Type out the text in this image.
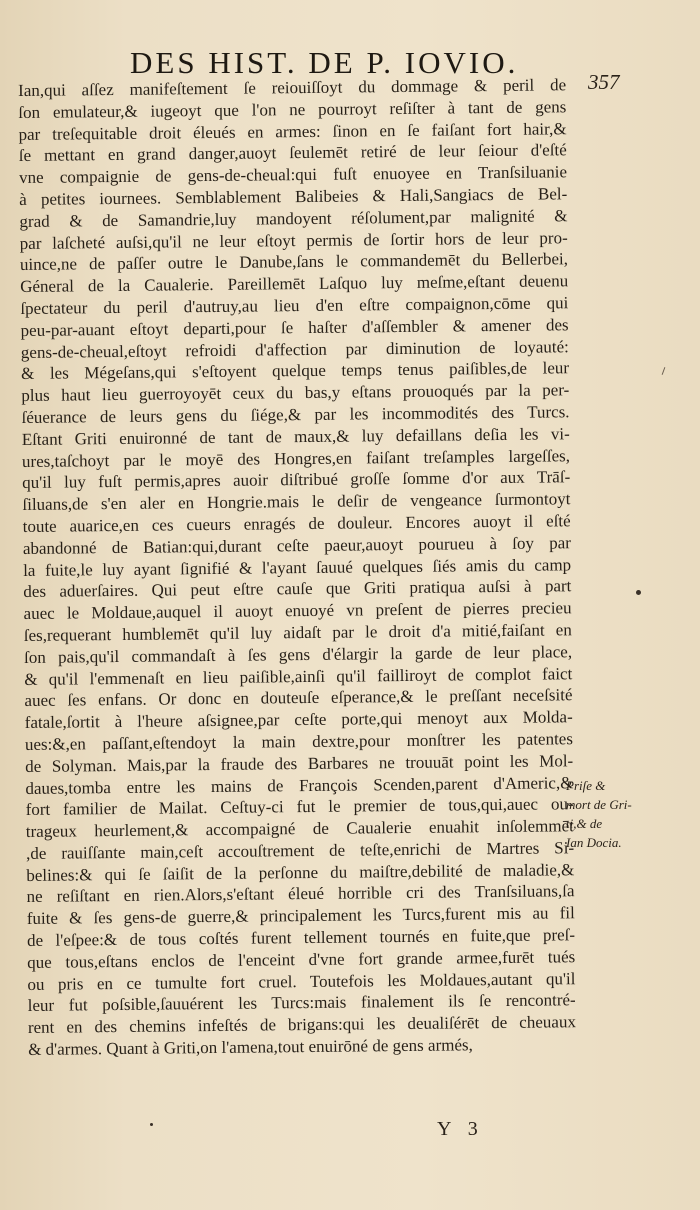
DES HIST. DE P. IOVIO.
357
Ian,qui aſſez manifeſtement ſe reiouiſſoyt du dommage & peril de
ſon emulateur,& iugeoyt que l'on ne pourroyt reſiſter à tant de gens
par treſequitable droit éleués en armes: ſinon en ſe faiſant fort hair,&
ſe mettant en grand danger,auoyt ſeulemēt retiré de leur ſeiour d'eſté
vne compaignie de gens-de-cheual:qui fuſt enuoyee en Tranſsiluanie
à petites iournees. Semblablement Balibeies & Hali,Sangiacs de Bel-
grad & de Samandrie,luy mandoyent réſolument,par malignité &
par laſcheté auſsi,qu'il ne leur eſtoyt permis de ſortir hors de leur pro-
uince,ne de paſſer outre le Danube,ſans le commandemēt du Bellerbei,
Géneral de la Caualerie. Pareillemēt Laſquo luy meſme,eſtant deuenu
ſpectateur du peril d'autruy,au lieu d'en eſtre compaignon,cōme qui
peu-par-auant eſtoyt departi,pour ſe haſter d'aſſembler & amener des
gens-de-cheual,eſtoyt refroidi d'affection par diminution de loyauté:
& les Mégeſans,qui s'eſtoyent quelque temps tenus paiſibles,de leur
plus haut lieu guerroyoyēt ceux du bas,y eſtans prouoqués par la per-
ſéuerance de leurs gens du ſiége,& par les incommodités des Turcs.
Eſtant Griti enuironné de tant de maux,& luy defaillans deſia les vi-
ures,taſchoyt par le moyē des Hongres,en faiſant treſamples largeſſes,
qu'il luy fuſt permis,apres auoir diſtribué groſſe ſomme d'or aux Trāſ-
ſiluans,de s'en aler en Hongrie.mais le deſir de vengeance ſurmontoyt
toute auarice,en ces cueurs enragés de douleur. Encores auoyt il eſté
abandonné de Batian:qui,durant ceſte paeur,auoyt pourueu à ſoy par
la fuite,le luy ayant ſignifié & l'ayant ſauué quelques ſiés amis du camp
des aduerſaires. Qui peut eſtre cauſe que Griti pratiqua auſsi à part
auec le Moldaue,auquel il auoyt enuoyé vn preſent de pierres precieu
ſes,requerant humblemēt qu'il luy aidaſt par le droit d'a mitié,faiſant en
ſon pais,qu'il commandaſt à ſes gens d'élargir la garde de leur place,
& qu'il l'emmenaſt en lieu paiſible,ainſi qu'il failliroyt de complot faict
auec ſes enfans. Or donc en douteuſe eſperance,& le preſſant neceſsité
fatale,ſortit à l'heure aſsignee,par ceſte porte,qui menoyt aux Molda-
ues:&,en paſſant,eſtendoyt la main dextre,pour monſtrer les patentes
de Solyman. Mais,par la fraude des Barbares ne trouuāt point les Mol-
daues,tomba entre les mains de François Scenden,parent d'Americ,&
fort familier de Mailat. Ceſtuy-ci fut le premier de tous,qui,auec ou-
trageux heurlement,& accompaigné de Caualerie enuahit inſolemmēt
,de rauiſſante main,ceſt accouſtrement de teſte,enrichi de Martres Si-
belines:& qui ſe ſaiſit de la perſonne du maiſtre,debilité de maladie,&
ne reſiſtant en rien.Alors,s'eſtant éleué horrible cri des Tranſsiluans,ſa
fuite & ſes gens-de guerre,& principalement les Turcs,furent mis au fil
de l'eſpee:& de tous coſtés furent tellement tournés en fuite,que preſ-
que tous,eſtans enclos de l'enceint d'vne fort grande armee,furēt tués
ou pris en ce tumulte fort cruel. Toutefois les Moldaues,autant qu'il
leur fut poſsible,ſauuérent les Turcs:mais finalement ils ſe rencontré-
rent en des chemins infeſtés de brigans:qui les deualiſérēt de cheuaux
& d'armes. Quant à Griti,on l'amena,tout enuirōné de gens armés,
Priſe &
mort de Gri-
ti,& de
Ian Docia.
Y 3
